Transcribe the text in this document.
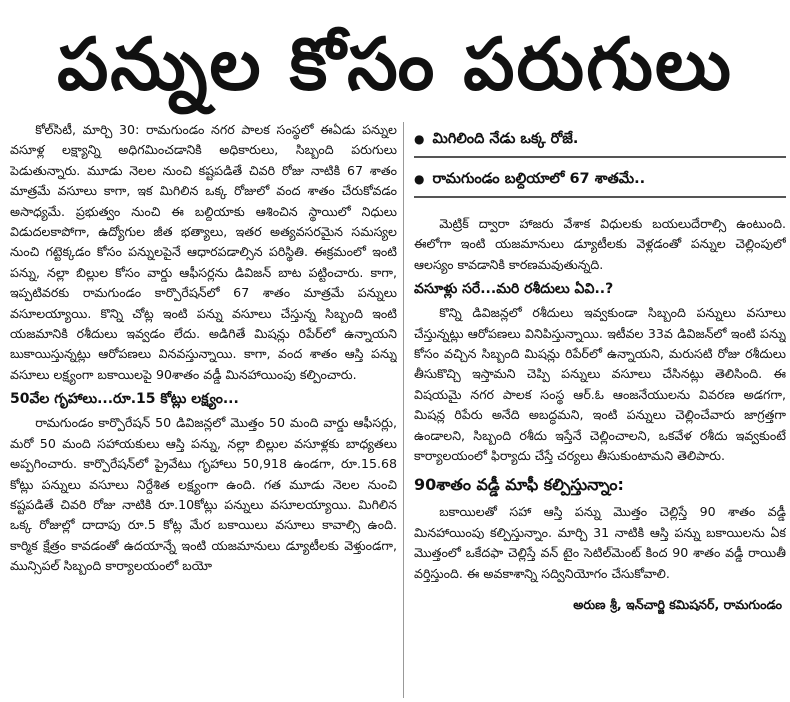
పన్నుల కోసం పరుగులు

కోల్‌సిటీ, మార్చి 30: రామగుండం నగర పాలక సంస్థలో ఈఏడు పన్నుల వసూళ్ల లక్ష్యాన్ని అధిగమించడానికి అధికారులు, సిబ్బంది పరుగులు పెడుతున్నారు. మూడు నెలల నుంచి కష్టపడితే చివరి రోజు నాటికి 67 శాతం మాత్రమే వసూలు కాగా, ఇక మిగిలిన ఒక్క రోజులో వంద శాతం చేరుకోవడం అసాధ్యమే. ప్రభుత్వం నుంచి ఈ బల్దియాకు ఆశించిన స్థాయిలో నిధులు విడుదలకాపోగా, ఉద్యోగుల జీత భత్యాలు, ఇతర అత్యవసరమైన సమస్యల నుంచి గట్టెక్కడం కోసం పన్నులపైనే ఆధారపడాల్సిన పరిస్థితి. ఈక్రమంలో ఇంటి పన్ను, నల్లా బిల్లుల కోసం వార్డు ఆఫీసర్లను డివిజన్ బాట పట్టించారు. కాగా, ఇప్పటివరకు రామగుండం కార్పొరేషన్‌లో 67 శాతం మాత్రమే పన్నులు వసూలయ్యాయి. కొన్ని చోట్ల ఇంటి పన్ను వసూలు చేస్తున్న సిబ్బంది ఇంటి యజమానికి రశీదులు ఇవ్వడం లేదు. అడిగితే మిషన్లు రిపేర్‌లో ఉన్నాయని బుకాయిస్తున్నట్లు ఆరోపణలు వినవస్తున్నాయి. కాగా, వంద శాతం ఆస్తి పన్ను వసూలు లక్ష్యంగా బకాయిలపై 90శాతం వడ్డీ మినహాయింపు కల్పించారు.

50వేల గృహాలు...రూ.15 కోట్లు లక్ష్యం...

రామగుండం కార్పొరేషన్ 50 డివిజన్లలో మొత్తం 50 మంది వార్డు ఆఫీసర్లు, మరో 50 మంది సహాయకులు ఆస్తి పన్ను, నల్లా బిల్లుల వసూళ్లకు బాధ్యతలు అప్పగించారు. కార్పొరేషన్‌లో ప్రైవేటు గృహాలు 50,918 ఉండగా, రూ.15.68 కోట్లు పన్నులు వసూలు నిర్దేశిత లక్ష్యంగా ఉంది. గత మూడు నెలల నుంచి కష్టపడితే చివరి రోజు నాటికి రూ.10కోట్లు పన్నులు వసూలయ్యాయి. మిగిలిన ఒక్క రోజుల్లో దాదాపు రూ.5 కోట్ల మేర బకాయిలు వసూలు కావాల్సి ఉంది. కార్మిక క్షేత్రం కావడంతో ఉదయాన్నే ఇంటి యజమానులు డ్యూటీలకు వెళ్తుండగా, మున్సిపల్ సిబ్బంది కార్యాలయంలో బయో

● మిగిలింది నేడు ఒక్క రోజే.
● రామగుండం బల్దియాలో 67 శాతమే..

మెట్రిక్ ద్వారా హాజరు వేశాక విధులకు బయలుదేరాల్సి ఉంటుంది. ఈలోగా ఇంటి యజమానులు డ్యూటీలకు వెళ్లడంతో పన్నుల చెల్లింపులో ఆలస్యం కావడానికి కారణమవుతున్నది.

వసూళ్లు సరే...మరి రశీదులు ఏవి..?

కొన్ని డివిజన్లలో రశీదులు ఇవ్వకుండా సిబ్బంది పన్నులు వసూలు చేస్తున్నట్లు ఆరోపణలు వినిపిస్తున్నాయి. ఇటీవల 33వ డివిజన్‌లో ఇంటి పన్ను కోసం వచ్చిన సిబ్బంది మిషన్లు రిపేర్‌లో ఉన్నాయని, మరుసటి రోజు రశీదులు తీసుకొచ్చి ఇస్తామని చెప్పి పన్నులు వసూలు చేసినట్లు తెలిసింది. ఈ విషయమై నగర పాలక సంస్థ ఆర్.ఓ ఆంజనేయులను వివరణ అడగగా, మిషన్ల రిపేరు అనేది అబద్ధమని, ఇంటి పన్నులు చెల్లించేవారు జాగ్రత్తగా ఉండాలని, సిబ్బంది రశీదు ఇస్తేనే చెల్లించాలని, ఒకవేళ రశీదు ఇవ్వకుంటే కార్యాలయంలో ఫిర్యాదు చేస్తే చర్యలు తీసుకుంటామని తెలిపారు.

90శాతం వడ్డీ మాఫీ కల్పిస్తున్నాం:

బకాయిలతో సహా ఆస్తి పన్ను మొత్తం చెల్లిస్తే 90 శాతం వడ్డీ మినహాయింపు కల్పిస్తున్నాం. మార్చి 31 నాటికి ఆస్తి పన్ను బకాయిలను ఏక మొత్తంలో ఒకేదఫా చెల్లిస్తే వన్ టైం సెటిల్‌మెంట్ కింద 90 శాతం వడ్డీ రాయితీ వర్తిస్తుంది. ఈ అవకాశాన్ని సద్వినియోగం చేసుకోవాలి.

అరుణ శ్రీ, ఇన్‌చార్జి కమిషనర్, రామగుండం
